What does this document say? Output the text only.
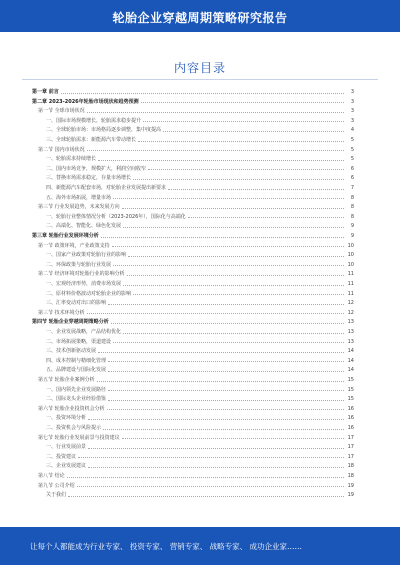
轮胎企业穿越周期策略研究报告
内容目录
第一章 前言	3
第二章 2023-2026年轮胎市场现状和趋势预测	3
第一节 全球市场状况	3
一、国际市场规模增长，轮胎需求稳步提升	3
二、全球轮胎市场：市场格局逐步调整，集中度提高	4
三、全球轮胎需求：新能源汽车带动增长	5
第二节 国内市场状况	5
一、轮胎需求持续增长	5
二、国内市场竞争，规模扩大，利润空间收窄	6
三、替换市场需求稳定，存量市场增长	6
四、新能源汽车配套市场，对轮胎企业发展提出新要求	7
五、海外市场拓展，增量市场	8
第三节 行业发展趋势，未来发展方向	8
一、轮胎行业整体情况分析（2023-2026年），国际化与高端化	8
二、高端化、智能化、绿色化发展	9
第三章 轮胎行业发展环境分析	9
第一节 政策环境，产业政策支持	10
一、国家产业政策对轮胎行业的影响	10
二、环保政策与轮胎行业发展	10
第二节 经济环境对轮胎行业的影响分析	11
一、宏观经济形势，消费市场发展	11
二、原材料价格波动对轮胎企业的影响	11
三、汇率变动对出口的影响	12
第三节 技术环境分析	12
第四节 轮胎企业穿越周期策略分析	13
一、企业发展战略，产品结构优化	13
二、市场拓展策略，渠道建设	13
三、技术创新驱动发展	14
四、成本控制与精细化管理	14
五、品牌建设与国际化发展	14
第五节 轮胎企业案例分析	15
一、国内领先企业发展路径	15
二、国际龙头企业经验借鉴	15
第六节 轮胎企业投资机会分析	16
一、投资环境分析	16
二、投资机会与风险提示	16
第七节 轮胎行业发展前景与投资建议	17
一、行业发展前景	17
二、投资建议	17
三、企业发展建议	18
第八节 结论	18
第九节 公司介绍	19
关于我们	19
让每个人都能成为行业专家、 投资专家、 营销专家、 战略专家、 成功企业家……
